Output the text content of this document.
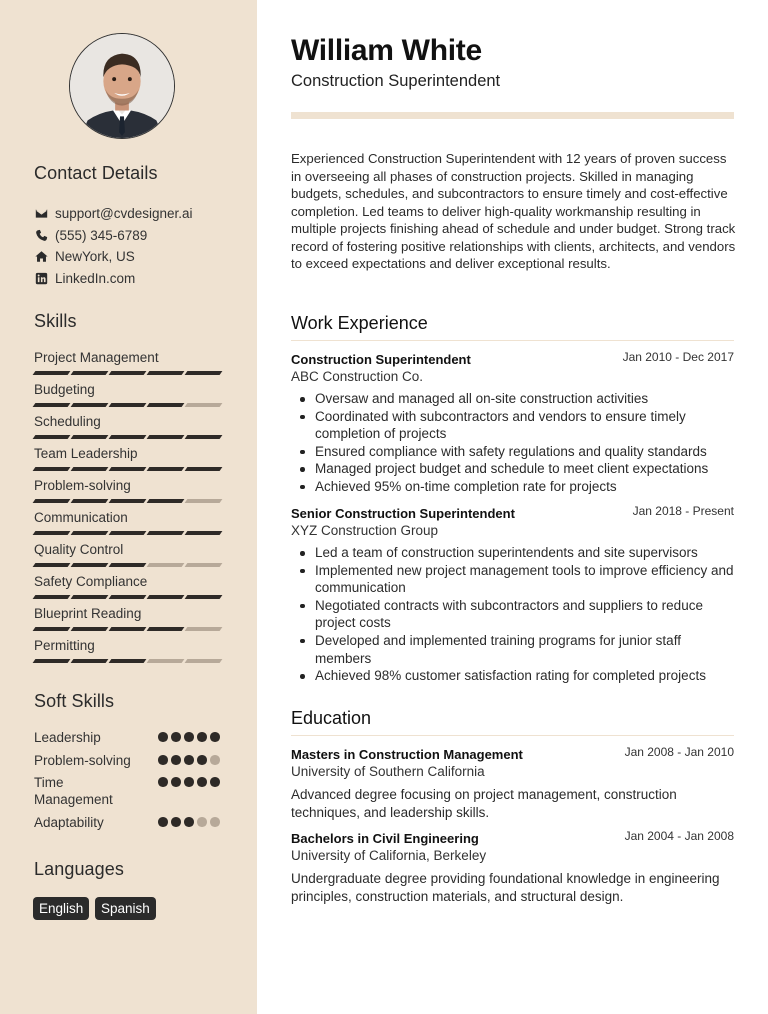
Contact Details
support@cvdesigner.ai
(555) 345-6789
NewYork, US
LinkedIn.com
Skills
Project Management
Budgeting
Scheduling
Team Leadership
Problem-solving
Communication
Quality Control
Safety Compliance
Blueprint Reading
Permitting
Soft Skills
Leadership
Problem-solving
Time Management
Adaptability
Languages
English	Spanish
William White
Construction Superintendent
Experienced Construction Superintendent with 12 years of proven success in overseeing all phases of construction projects. Skilled in managing budgets, schedules, and subcontractors to ensure timely and cost-effective completion. Led teams to deliver high-quality workmanship resulting in multiple projects finishing ahead of schedule and under budget. Strong track record of fostering positive relationships with clients, architects, and vendors to exceed expectations and deliver exceptional results.
Work Experience
Construction Superintendent	Jan 2010 - Dec 2017
ABC Construction Co.
Oversaw and managed all on-site construction activities
Coordinated with subcontractors and vendors to ensure timely completion of projects
Ensured compliance with safety regulations and quality standards
Managed project budget and schedule to meet client expectations
Achieved 95% on-time completion rate for projects
Senior Construction Superintendent	Jan 2018 - Present
XYZ Construction Group
Led a team of construction superintendents and site supervisors
Implemented new project management tools to improve efficiency and communication
Negotiated contracts with subcontractors and suppliers to reduce project costs
Developed and implemented training programs for junior staff members
Achieved 98% customer satisfaction rating for completed projects
Education
Masters in Construction Management	Jan 2008 - Jan 2010
University of Southern California
Advanced degree focusing on project management, construction techniques, and leadership skills.
Bachelors in Civil Engineering	Jan 2004 - Jan 2008
University of California, Berkeley
Undergraduate degree providing foundational knowledge in engineering principles, construction materials, and structural design.
